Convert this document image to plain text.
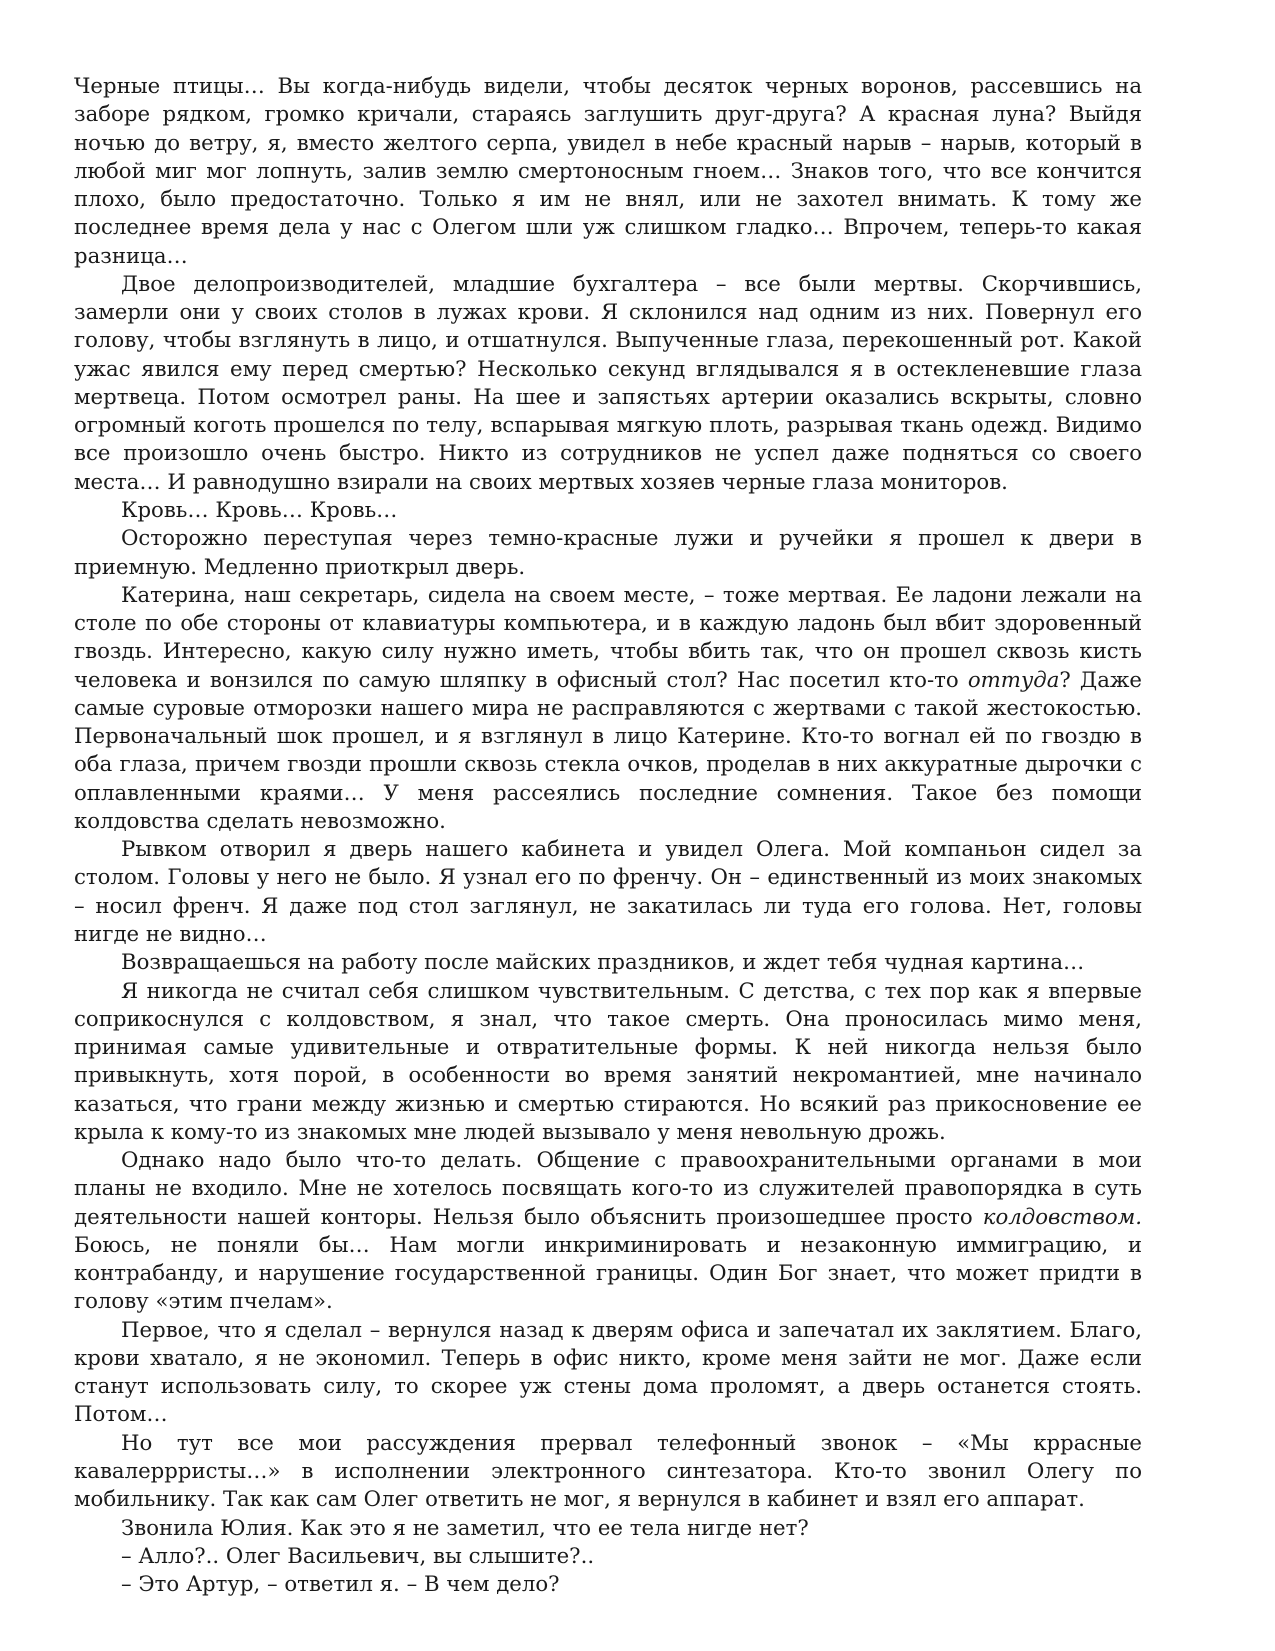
Черные птицы… Вы когда-нибудь видели, чтобы десяток черных воронов, рассевшись на заборе рядком, громко кричали, стараясь заглушить друг-друга? А красная луна? Выйдя ночью до ветру, я, вместо желтого серпа, увидел в небе красный нарыв – нарыв, который в любой миг мог лопнуть, залив землю смертоносным гноем… Знаков того, что все кончится плохо, было предостаточно. Только я им не внял, или не захотел внимать. К тому же последнее время дела у нас с Олегом шли уж слишком гладко… Впрочем, теперь-то какая разница…

Двое делопроизводителей, младшие бухгалтера – все были мертвы. Скорчившись, замерли они у своих столов в лужах крови. Я склонился над одним из них. Повернул его голову, чтобы взглянуть в лицо, и отшатнулся. Выпученные глаза, перекошенный рот. Какой ужас явился ему перед смертью? Несколько секунд вглядывался я в остекленевшие глаза мертвеца. Потом осмотрел раны. На шее и запястьях артерии оказались вскрыты, словно огромный коготь прошелся по телу, вспарывая мягкую плоть, разрывая ткань одежд. Видимо все произошло очень быстро. Никто из сотрудников не успел даже подняться со своего места… И равнодушно взирали на своих мертвых хозяев черные глаза мониторов.

Кровь… Кровь… Кровь…

Осторожно переступая через темно-красные лужи и ручейки я прошел к двери в приемную. Медленно приоткрыл дверь.

Катерина, наш секретарь, сидела на своем месте, – тоже мертвая. Ее ладони лежали на столе по обе стороны от клавиатуры компьютера, и в каждую ладонь был вбит здоровенный гвоздь. Интересно, какую силу нужно иметь, чтобы вбить так, что он прошел сквозь кисть человека и вонзился по самую шляпку в офисный стол? Нас посетил кто-то оттуда? Даже самые суровые отморозки нашего мира не расправляются с жертвами с такой жестокостью. Первоначальный шок прошел, и я взглянул в лицо Катерине. Кто-то вогнал ей по гвоздю в оба глаза, причем гвозди прошли сквозь стекла очков, проделав в них аккуратные дырочки с оплавленными краями… У меня рассеялись последние сомнения. Такое без помощи колдовства сделать невозможно.

Рывком отворил я дверь нашего кабинета и увидел Олега. Мой компаньон сидел за столом. Головы у него не было. Я узнал его по френчу. Он – единственный из моих знакомых – носил френч. Я даже под стол заглянул, не закатилась ли туда его голова. Нет, головы нигде не видно…

Возвращаешься на работу после майских праздников, и ждет тебя чудная картина…

Я никогда не считал себя слишком чувствительным. С детства, с тех пор как я впервые соприкоснулся с колдовством, я знал, что такое смерть. Она проносилась мимо меня, принимая самые удивительные и отвратительные формы. К ней никогда нельзя было привыкнуть, хотя порой, в особенности во время занятий некромантией, мне начинало казаться, что грани между жизнью и смертью стираются. Но всякий раз прикосновение ее крыла к кому-то из знакомых мне людей вызывало у меня невольную дрожь.

Однако надо было что-то делать. Общение с правоохранительными органами в мои планы не входило. Мне не хотелось посвящать кого-то из служителей правопорядка в суть деятельности нашей конторы. Нельзя было объяснить произошедшее просто колдовством. Боюсь, не поняли бы… Нам могли инкриминировать и незаконную иммиграцию, и контрабанду, и нарушение государственной границы. Один Бог знает, что может придти в голову «этим пчелам».

Первое, что я сделал – вернулся назад к дверям офиса и запечатал их заклятием. Благо, крови хватало, я не экономил. Теперь в офис никто, кроме меня зайти не мог. Даже если станут использовать силу, то скорее уж стены дома проломят, а дверь останется стоять. Потом…

Но тут все мои рассуждения прервал телефонный звонок – «Мы кррасные кавалеррристы…» в исполнении электронного синтезатора. Кто-то звонил Олегу по мобильнику. Так как сам Олег ответить не мог, я вернулся в кабинет и взял его аппарат.

Звонила Юлия. Как это я не заметил, что ее тела нигде нет?

– Алло?.. Олег Васильевич, вы слышите?..

– Это Артур, – ответил я. – В чем дело?
